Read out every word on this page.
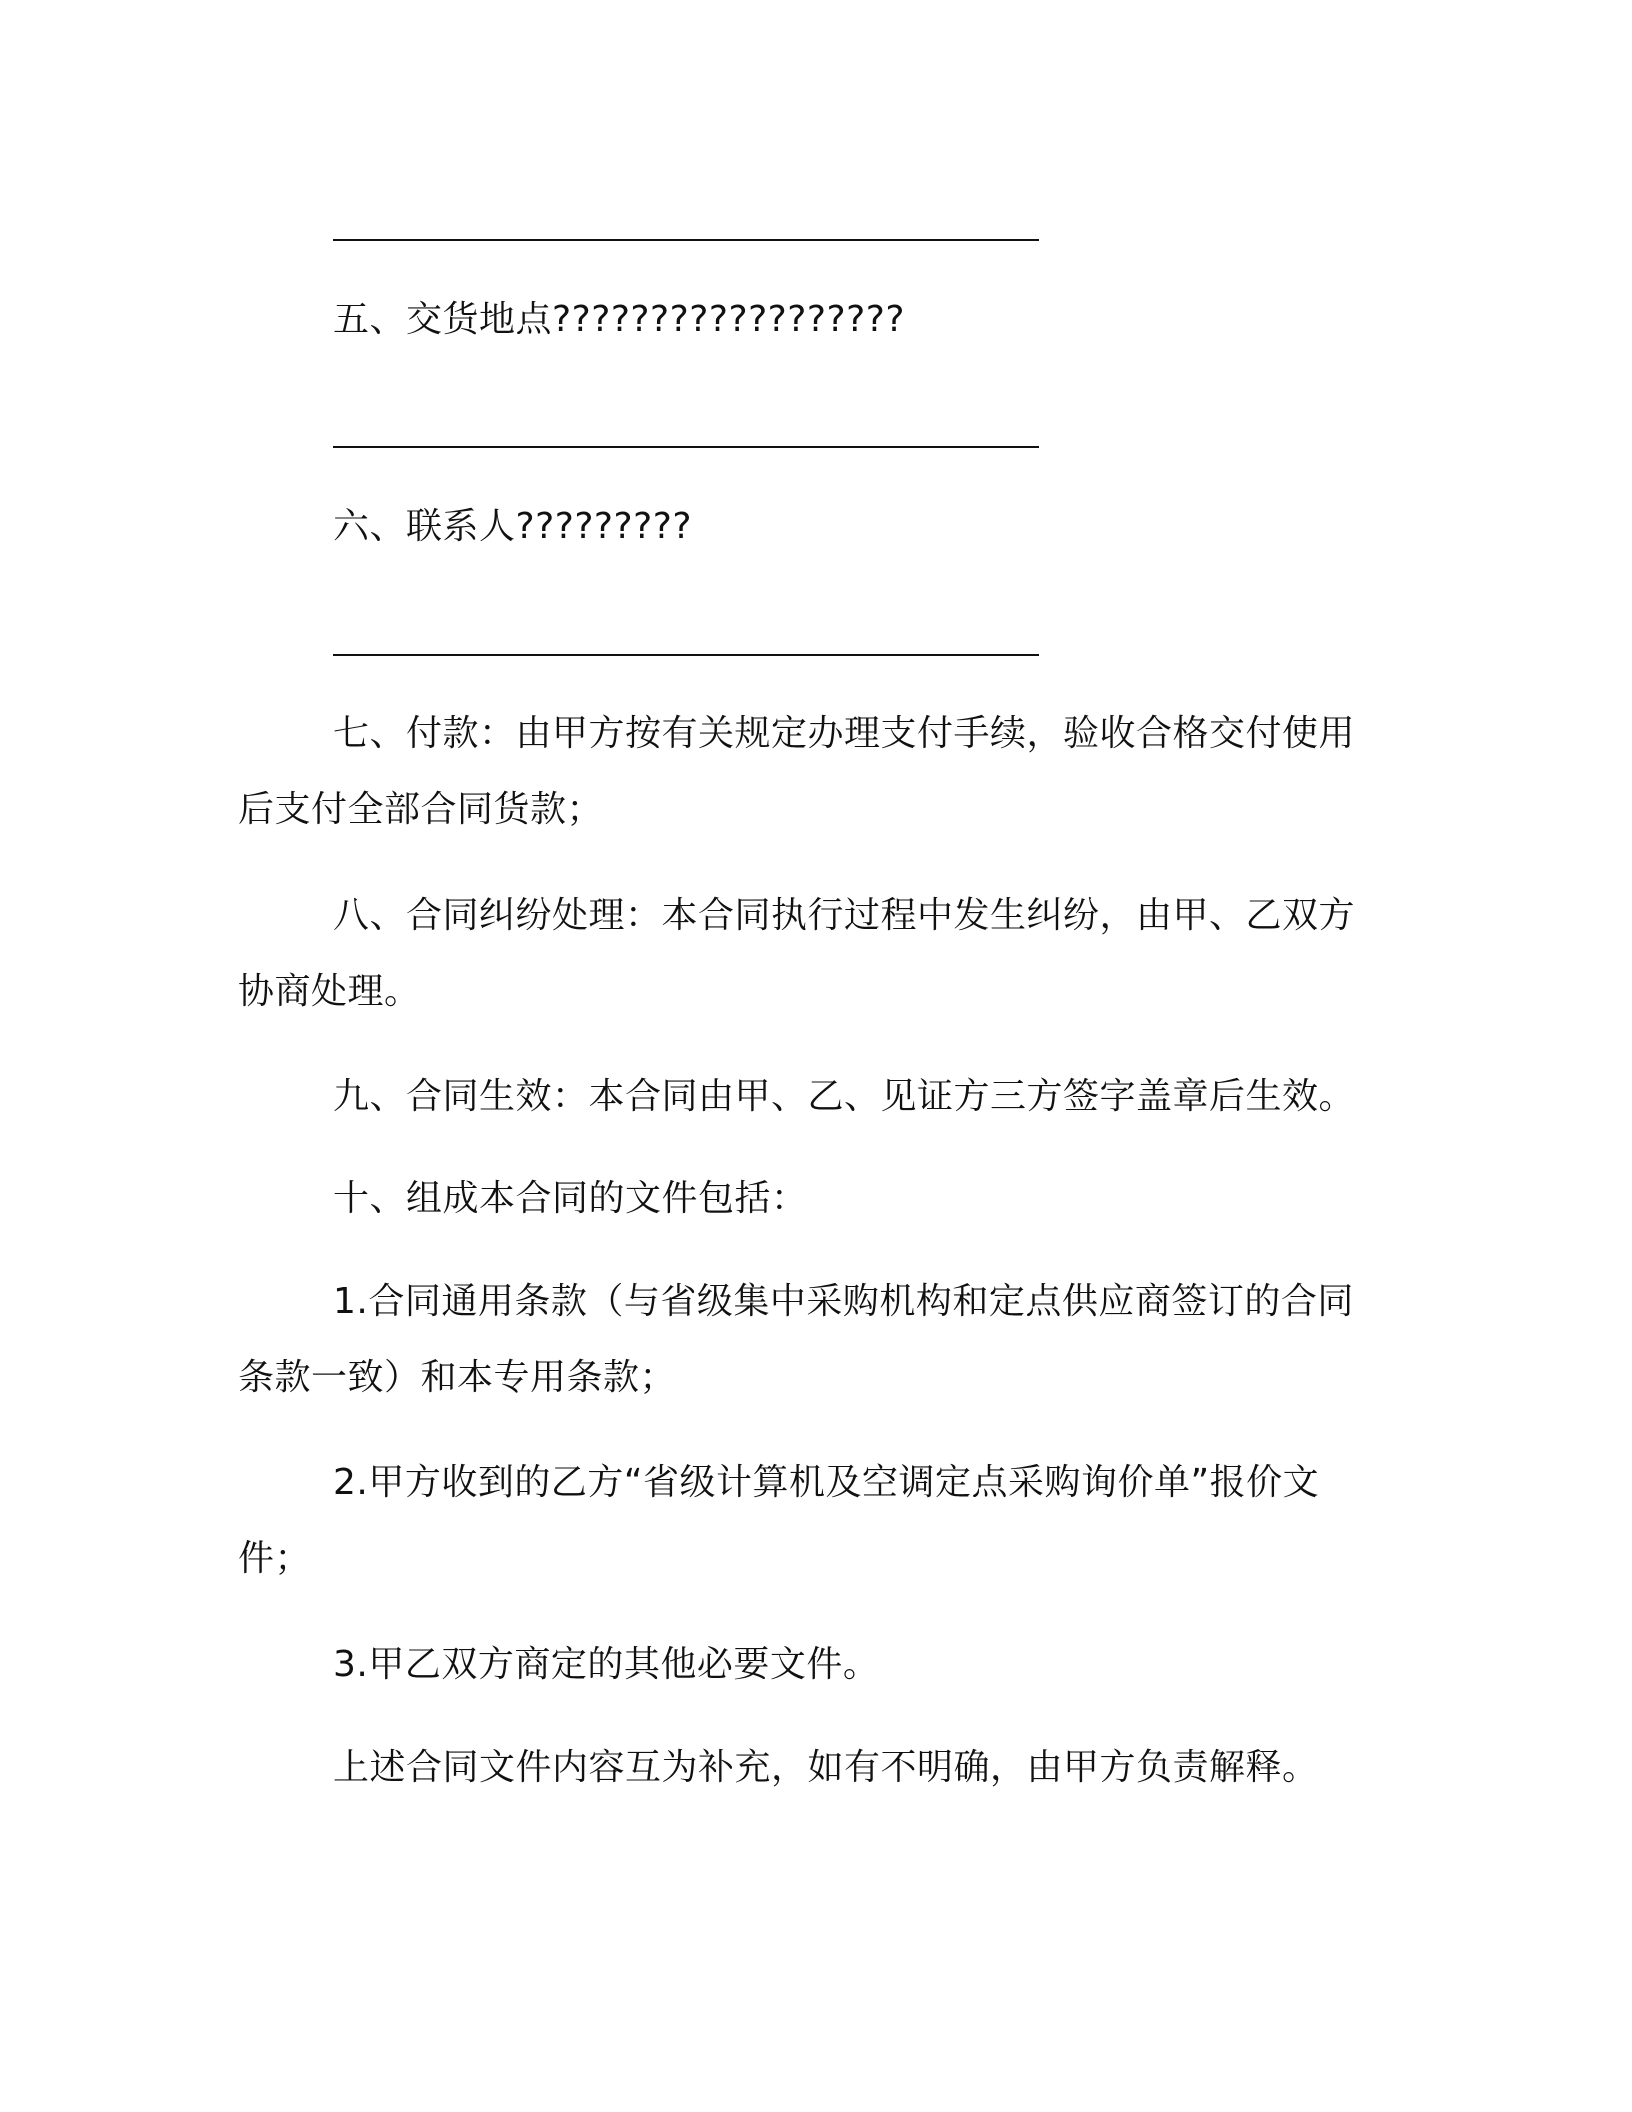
五、交货地点??????????????????
六、联系人?????????
七、付款：由甲方按有关规定办理支付手续，验收合格交付使用
后支付全部合同货款；
八、合同纠纷处理：本合同执行过程中发生纠纷，由甲、乙双方
协商处理。
九、合同生效：本合同由甲、乙、见证方三方签字盖章后生效。
十、组成本合同的文件包括：
1.合同通用条款（与省级集中采购机构和定点供应商签订的合同
条款一致）和本专用条款；
2.甲方收到的乙方“省级计算机及空调定点采购询价单”报价文
件；
3.甲乙双方商定的其他必要文件。
上述合同文件内容互为补充，如有不明确，由甲方负责解释。
